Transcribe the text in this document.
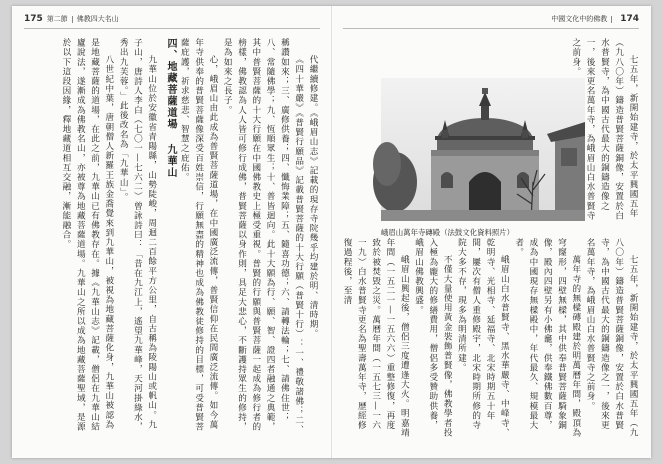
175 第二節 佛教四大名山	中國文化中的佛教 174

代繼續修建。《峨眉山志》記載的現存寺院幾乎均建於明、清時期。

《四十華嚴》《普賢行願品》記載普賢菩薩的十大行願（普賢十行）：一、禮敬諸佛；二、稱讚如來；三、廣修供養；四、懺悔業障；五、隨喜功德；六、請轉法輪；七、請佛住世；八、常隨佛學；九、恆順眾生；十、普皆迴向。此十大願為行、願、智、證四者融通之典範，其中普賢菩薩的十大行願在中國佛教史上極受重視。普賢的行願與普賢菩薩一起成為修行者的榜樣，佛教認為人人皆可修行成佛，普賢菩薩以身作則，具足大悲心，不斷護持眾生的修持，是為如來之長子。

心，峨眉山由此成為普賢菩薩道場，在中國廣泛流傳，普賢信仰在民間廣泛流傳。如今萬年寺供奉的普賢菩薩像深受百姓崇信，行願無盡的精神也成為佛教徒修持的目標，可受普賢菩薩庇護，祈求慈悲、智慧之庇佑。

四、地藏菩薩道場九華山

九華山位於安徽省青陽縣，山勢陡峻，周迴二百餘平方公里，自古稱為陵陽山或帆山。九子山，唐詩人李白（七〇一—七六二）曾詠詩曰：「昔在九江上，遙望九華峰，天河掛綠水，秀出九芙蓉。」此後改名為「九華山」。

八世紀中葉，唐朝僧人新羅王族金喬覺來到九華山，被視為地藏菩薩化身，九華山被認為是地藏菩薩的道場，在此之前，九華山已有佛教存在。據《九華山志》記載，僧侶在九華山結廬說法，遂漸成為佛教名山，亦被尊為地藏菩薩道場。九華山之所以成為地藏菩薩聖域，是源於以下這段因緣，釋地藏道相互交融，漸能融合。

七五年，新開始建寺，於太平興國五年（九八〇年）鑄造普賢菩薩銅像，安置於白水普賢寺，為中國古代最大的銅鑄造像之一，後來更名萬年寺，為峨眉山白水普賢寺之前身。

萬年寺的無樑磚殿建於明萬曆年間，殿頂為穹窿形，四壁無樑，其中供奉普賢菩薩騎象銅像，殿內四壁另有小佛龕，供奉鐵佛數百尊，成為中國現存無樑殿中，年代最久、規模最大者。

峨眉山白水普賢寺、黑水華嚴寺、中峰寺、乾明寺、光相寺、延福寺、北宋時期五十年間，屢次有僧人重修殿宇，北宋時期所修的寺院大多不存，現多為明清所建。

不僅大量使用黃金裝飾普賢像，佛教學者投入極為龐大的修繕費用，僧侶多受贊助供養，峨眉山佛教興盛。

峨眉山興起後，僧侶三度遭逢大火。明嘉靖年間（一五二一—一五六六）重整修復，再度致於被焚毀之災。萬曆年間（一五七三—一六一九）白水普賢寺更名為聖壽萬年寺，歷經修復過程後，至清

七五年，新開始建寺，於太平興國五年（九八〇年）鑄造普賢菩薩銅像，安置於白水普賢寺，為中國古代最大的銅鑄造像之一，後來更名萬年寺，為峨眉山白水普賢寺之前身。

峨眉山萬年寺磚殿（法鼓文化資料照片）
